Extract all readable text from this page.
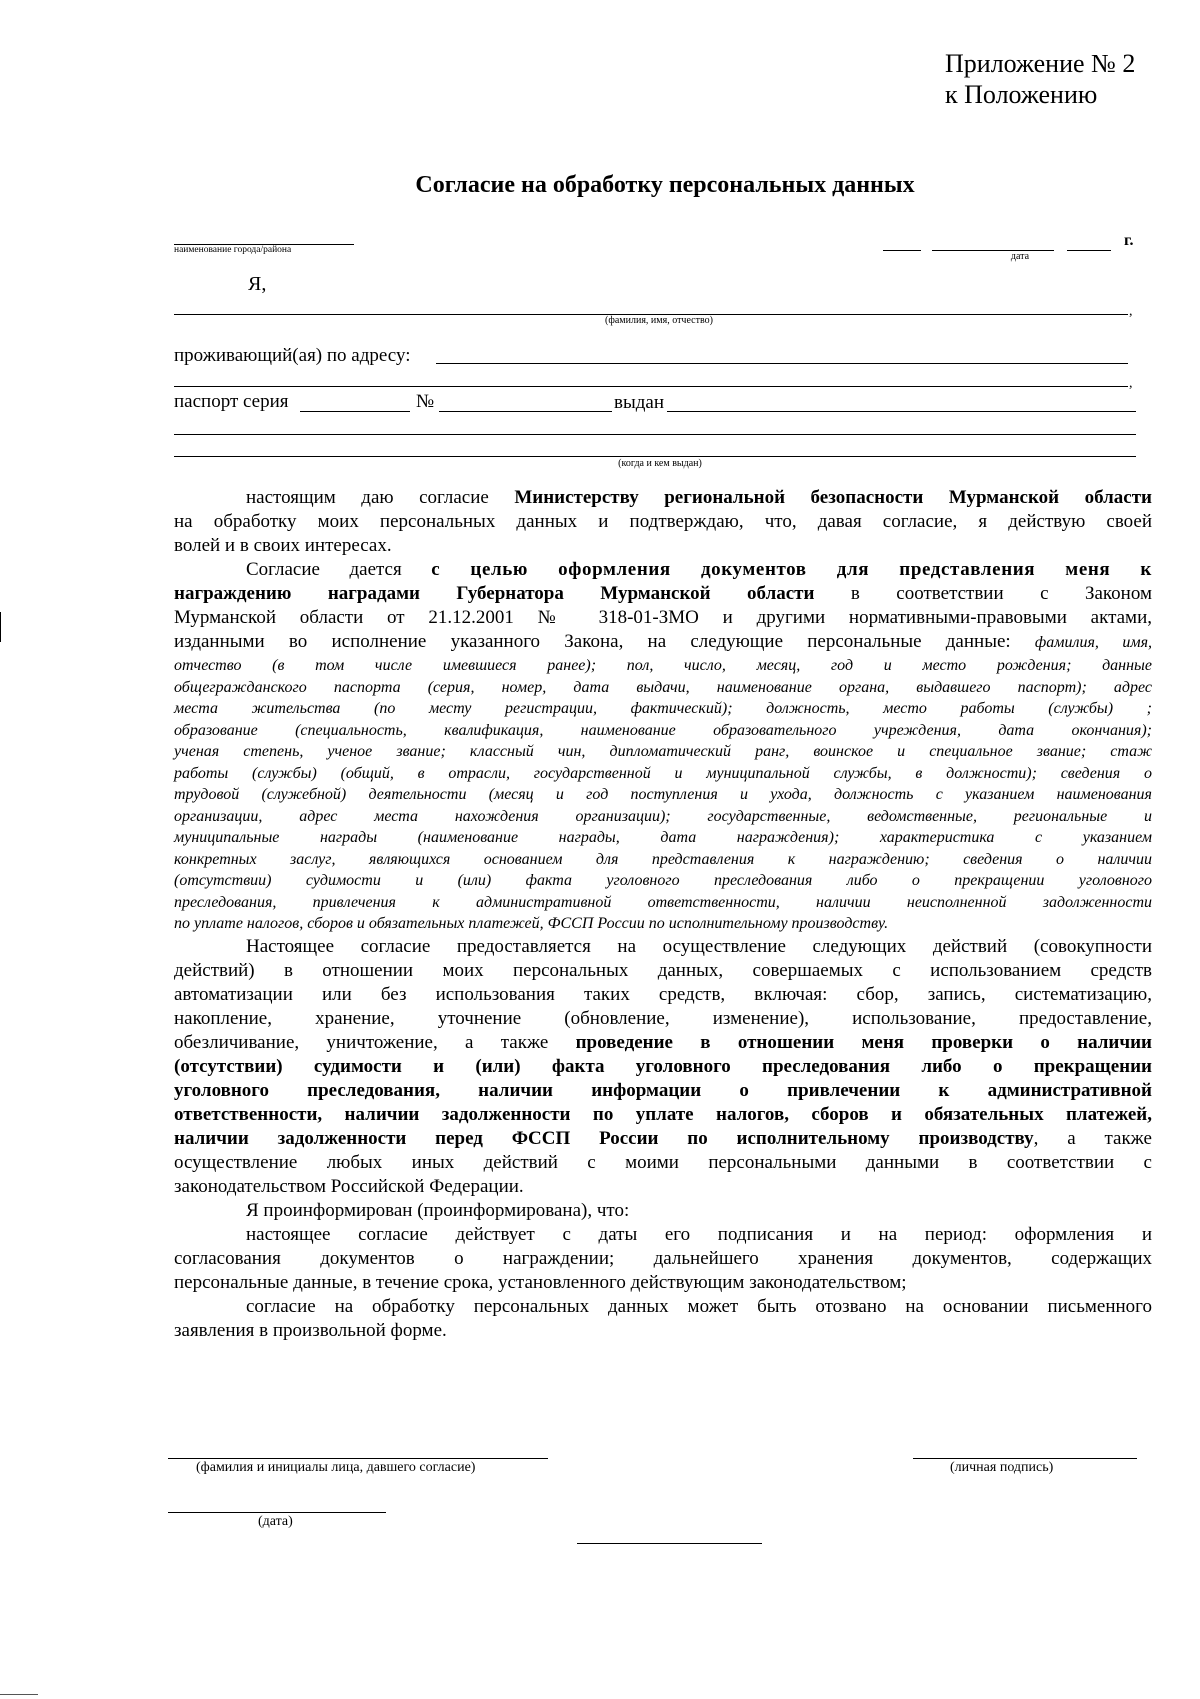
Приложение № 2
к Положению
Согласие на обработку персональных данных
наименование города/района
г.
дата
Я,
,
(фамилия, имя, отчество)
проживающий(ая) по адресу:
,
паспорт серия	№	выдан
(когда и кем выдан)
настоящим даю согласие Министерству региональной безопасности Мурманской области
на обработку моих персональных данных и подтверждаю, что, давая согласие, я действую своей
волей и в своих интересах.
Согласие дается с целью оформления документов для представления меня к
награждению наградами Губернатора Мурманской области в соответствии с Законом
Мурманской области от 21.12.2001 № 318-01-ЗМО и другими нормативными-правовыми актами,
изданными во исполнение указанного Закона, на следующие персональные данные: фамилия, имя,
отчество (в том числе имевшиеся ранее); пол, число, месяц, год и место рождения; данные
общегражданского паспорта (серия, номер, дата выдачи, наименование органа, выдавшего паспорт); адрес
места жительства (по месту регистрации, фактический); должность, место работы (службы) ;
образование (специальность, квалификация, наименование образовательного учреждения, дата окончания);
ученая степень, ученое звание; классный чин, дипломатический ранг, воинское и специальное звание; стаж
работы (службы) (общий, в отрасли, государственной и муниципальной службы, в должности); сведения о
трудовой (служебной) деятельности (месяц и год поступления и ухода, должность с указанием наименования
организации, адрес места нахождения организации); государственные, ведомственные, региональные и
муниципальные награды (наименование награды, дата награждения); характеристика с указанием
конкретных заслуг, являющихся основанием для представления к награждению; сведения о наличии
(отсутствии) судимости и (или) факта уголовного преследования либо о прекращении уголовного
преследования, привлечения к административной ответственности, наличии неисполненной задолженности
по уплате налогов, сборов и обязательных платежей, ФССП России по исполнительному производству.
Настоящее согласие предоставляется на осуществление следующих действий (совокупности
действий) в отношении моих персональных данных, совершаемых с использованием средств
автоматизации или без использования таких средств, включая: сбор, запись, систематизацию,
накопление, хранение, уточнение (обновление, изменение), использование, предоставление,
обезличивание, уничтожение, а также проведение в отношении меня проверки о наличии
(отсутствии) судимости и (или) факта уголовного преследования либо о прекращении
уголовного преследования, наличии информации о привлечении к административной
ответственности, наличии задолженности по уплате налогов, сборов и обязательных платежей,
наличии задолженности перед ФССП России по исполнительному производству, а также
осуществление любых иных действий с моими персональными данными в соответствии с
законодательством Российской Федерации.
Я проинформирован (проинформирована), что:
настоящее согласие действует с даты его подписания и на период: оформления и
согласования документов о награждении; дальнейшего хранения документов, содержащих
персональные данные, в течение срока, установленного действующим законодательством;
согласие на обработку персональных данных может быть отозвано на основании письменного
заявления в произвольной форме.
(фамилия и инициалы лица, давшего согласие)	(личная подпись)
(дата)
